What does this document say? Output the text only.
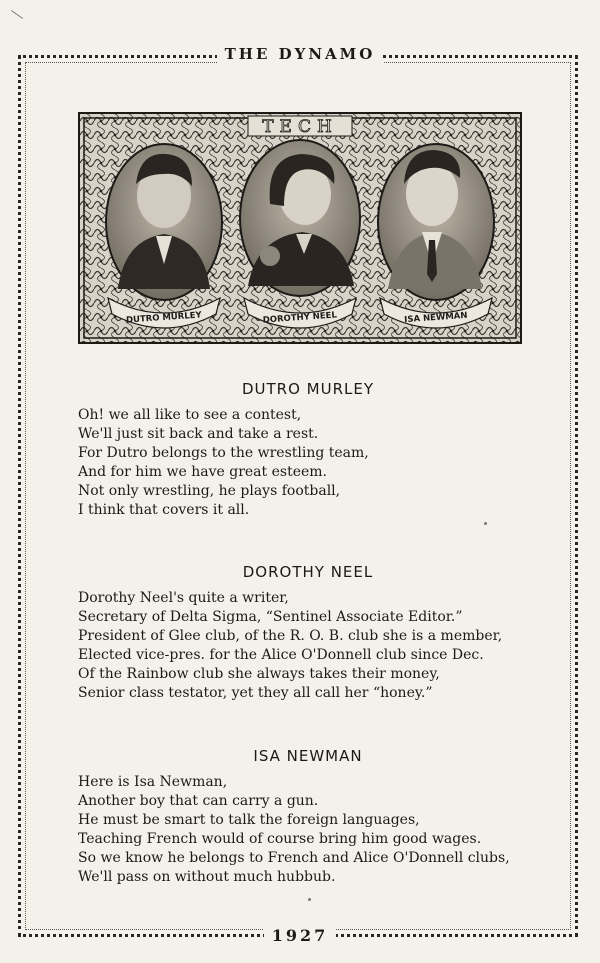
THE DYNAMO
TECH
DUTRO MURLEY	DOROTHY NEEL	ISA NEWMAN
DUTRO MURLEY
Oh! we all like to see a contest,
We'll just sit back and take a rest.
For Dutro belongs to the wrestling team,
And for him we have great esteem.
Not only wrestling, he plays football,
I think that covers it all.
DOROTHY NEEL
Dorothy Neel's quite a writer,
Secretary of Delta Sigma, “Sentinel Associate Editor.”
President of Glee club, of the R. O. B. club she is a member,
Elected vice-pres. for the Alice O'Donnell club since Dec.
Of the Rainbow club she always takes their money,
Senior class testator, yet they all call her “honey.”
ISA NEWMAN
Here is Isa Newman,
Another boy that can carry a gun.
He must be smart to talk the foreign languages,
Teaching French would of course bring him good wages.
So we know he belongs to French and Alice O'Donnell clubs,
We'll pass on without much hubbub.
1927
